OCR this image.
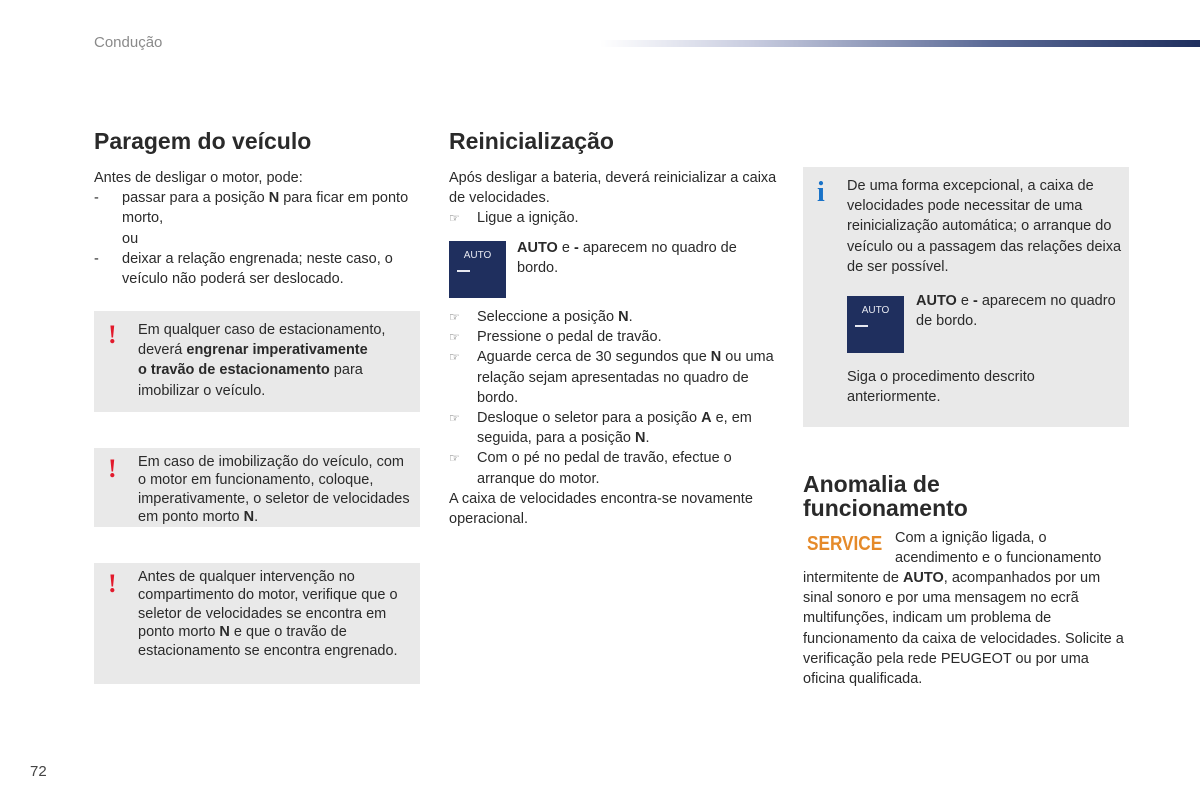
Condução
Paragem do veículo

Antes de desligar o motor, pode:

-
passar para a posição N para ficar em ponto morto,
ou
-
deixar a relação engrenada; neste caso, o veículo não poderá ser deslocado.
! Em qualquer caso de estacionamento,
deverá engrenar imperativamente
o travão de estacionamento para
imobilizar o veículo.
! Em caso de imobilização do veículo, com o motor em funcionamento, coloque, imperativamente, o seletor de velocidades em ponto morto N.
! Antes de qualquer intervenção no compartimento do motor, verifique que o seletor de velocidades se encontra em ponto morto N e que o travão de estacionamento se encontra engrenado.
Reinicialização

Após desligar a bateria, deverá reinicializar a caixa de velocidades.

☞	Ligue a ignição.
AUTO	AUTO e - aparecem no quadro de bordo.
☞	Seleccione a posição N.
☞	Pressione o pedal de travão.
☞	Aguarde cerca de 30 segundos que N ou uma relação sejam apresentadas no quadro de bordo.
☞	Desloque o seletor para a posição A e, em seguida, para a posição N.
☞	Com o pé no pedal de travão, efectue o arranque do motor.

A caixa de velocidades encontra-se novamente operacional.

i De uma forma excepcional, a caixa de velocidades pode necessitar de uma reinicialização automática; o arranque do veículo ou a passagem das relações deixa de ser possível.
AUTO
AUTO e - aparecem no quadro de bordo.
Siga o procedimento descrito anteriormente.
Anomalia de
funcionamento
SERVICE Com a ignição ligada, o acendimento e o funcionamento
intermitente de AUTO, acompanhados por um sinal sonoro e por uma mensagem no ecrã multifunções, indicam um problema de funcionamento da caixa de velocidades. Solicite a verificação pela rede PEUGEOT ou por uma oficina qualificada.
72
